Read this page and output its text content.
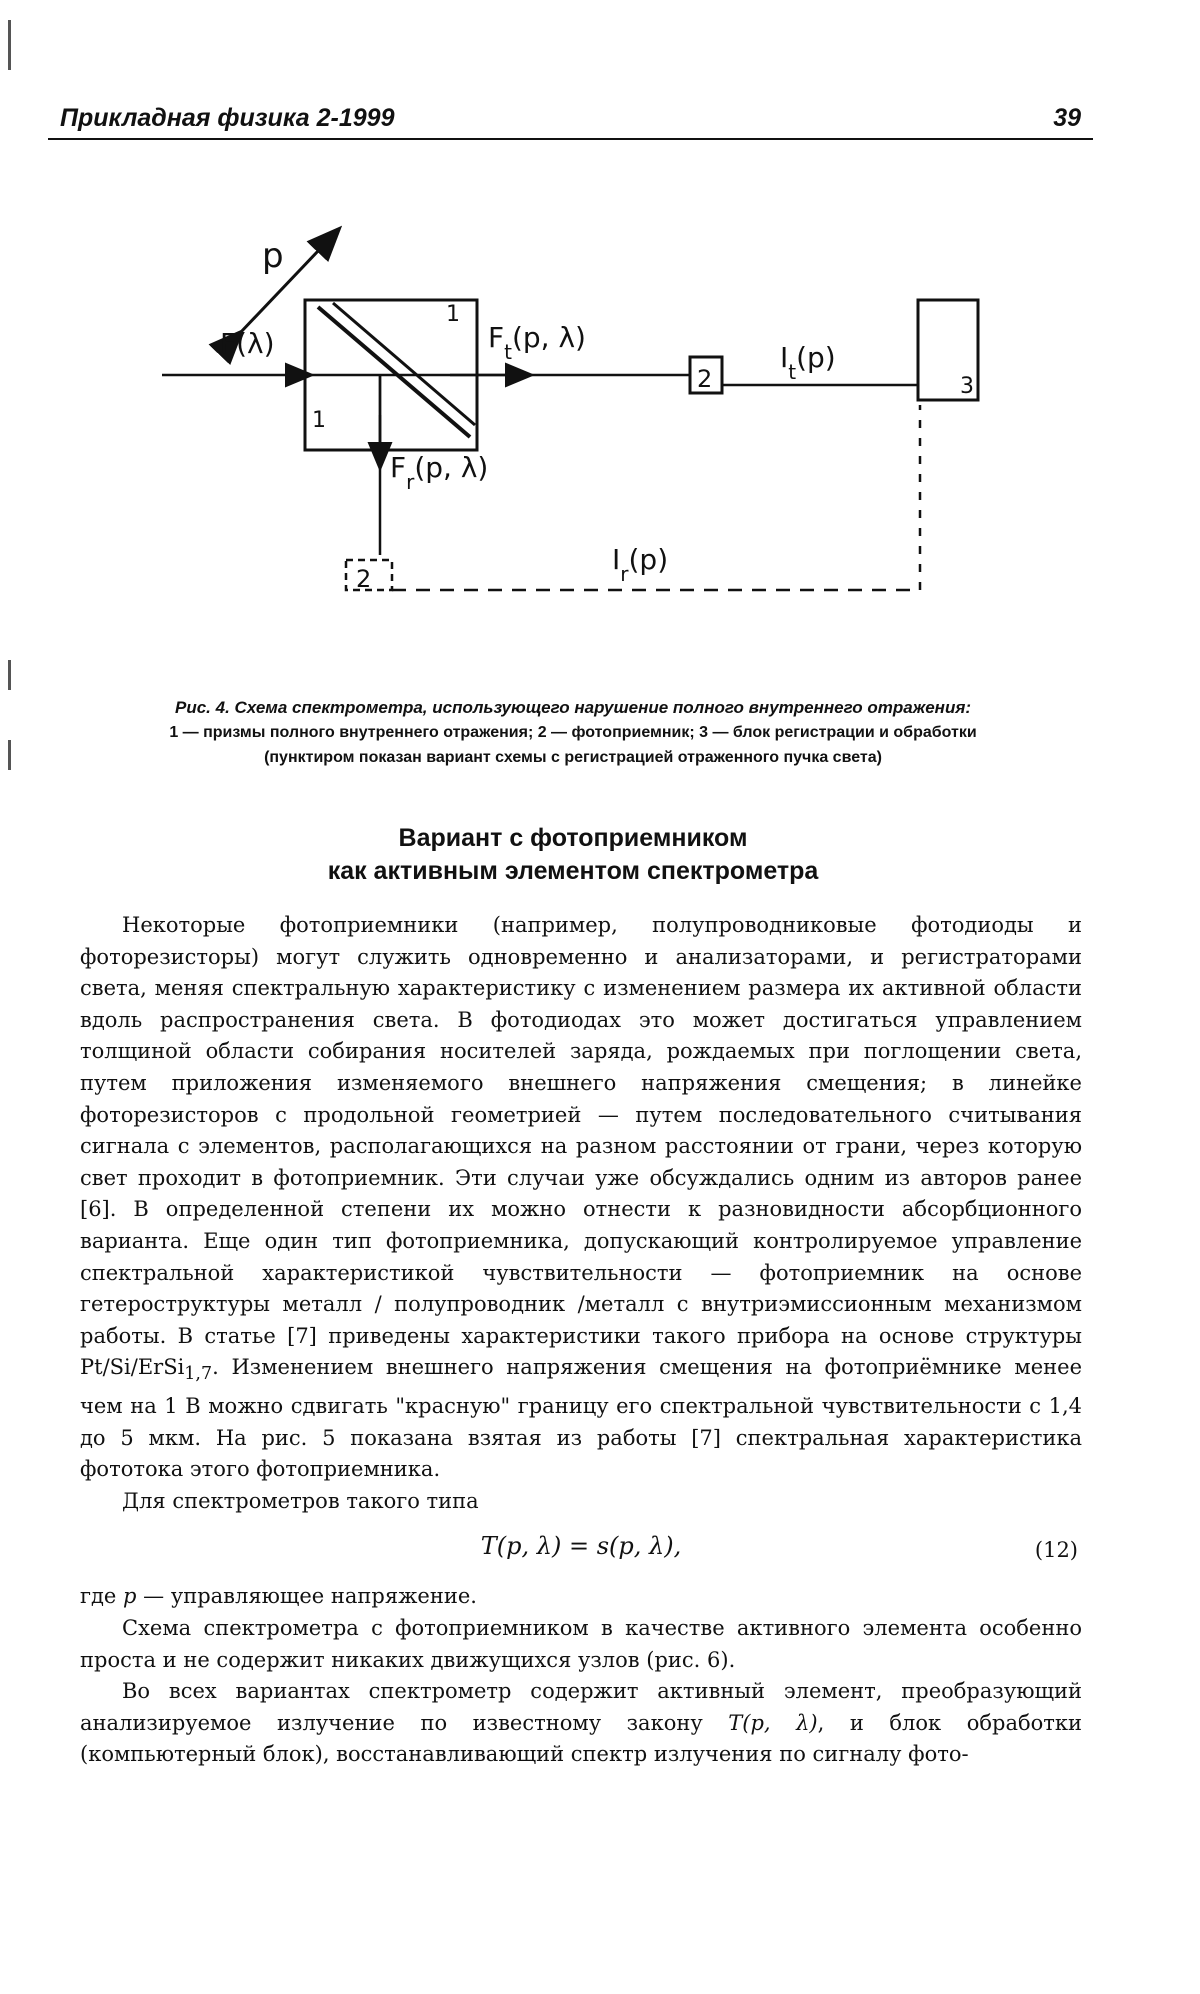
Прикладная физика 2-1999	39
p
F(λ)
1
1
$F_t(p$, λ)
2
$I_t(p)$
3
$F_r(p$, λ)
2
$I_r(p)$
Рис. 4. Схема спектрометра, использующего нарушение полного внутреннего отражения:
1 — призмы полного внутреннего отражения; 2 — фотоприемник; 3 — блок регистрации и обработки
(пунктиром показан вариант схемы с регистрацией отраженного пучка света)
Вариант с фотоприемником
как активным элементом спектрометра

Некоторые фотоприемники (например, полупроводниковые фотодиоды и фоторезисторы) могут служить одновременно и анализаторами, и регистраторами света, меняя спектральную характеристику с изменением размера их активной области вдоль распространения света. В фотодиодах это может достигаться управлением толщиной области собирания носителей заряда, рождаемых при поглощении света, путем приложения изменяемого внешнего напряжения смещения; в линейке фоторезисторов с продольной геометрией — путем последовательного считывания сигнала с элементов, располагающихся на разном расстоянии от грани, через которую свет проходит в фотоприемник. Эти случаи уже обсуждались одним из авторов ранее [6]. В определенной степени их можно отнести к разновидности абсорбционного варианта. Еще один тип фотоприемника, допускающий контролируемое управление спектральной характеристикой чувствительности — фотоприемник на основе гетероструктуры металл / полупроводник /металл с внутриэмиссионным механизмом работы. В статье [7] приведены характеристики такого прибора на основе структуры Pt/Si/ErSi$_{1,7}$. Изменением внешнего напряжения смещения на фотоприёмнике менее чем на 1 В можно сдвигать "красную" границу его спектральной чувствительности с 1,4 до 5 мкм. На рис. 5 показана взятая из работы [7] спектральная характеристика фототока этого фотоприемника.

Для спектрометров такого типа

T(p, λ) = s(p, λ),	(12)

где p — управляющее напряжение.

Схема спектрометра с фотоприемником в качестве активного элемента особенно проста и не содержит никаких движущихся узлов (рис. 6).

Во всех вариантах спектрометр содержит активный элемент, преобразующий анализируемое излучение по известному закону T(p, λ), и блок обработки (компьютерный блок), восстанавливающий спектр излучения по сигналу фото-
